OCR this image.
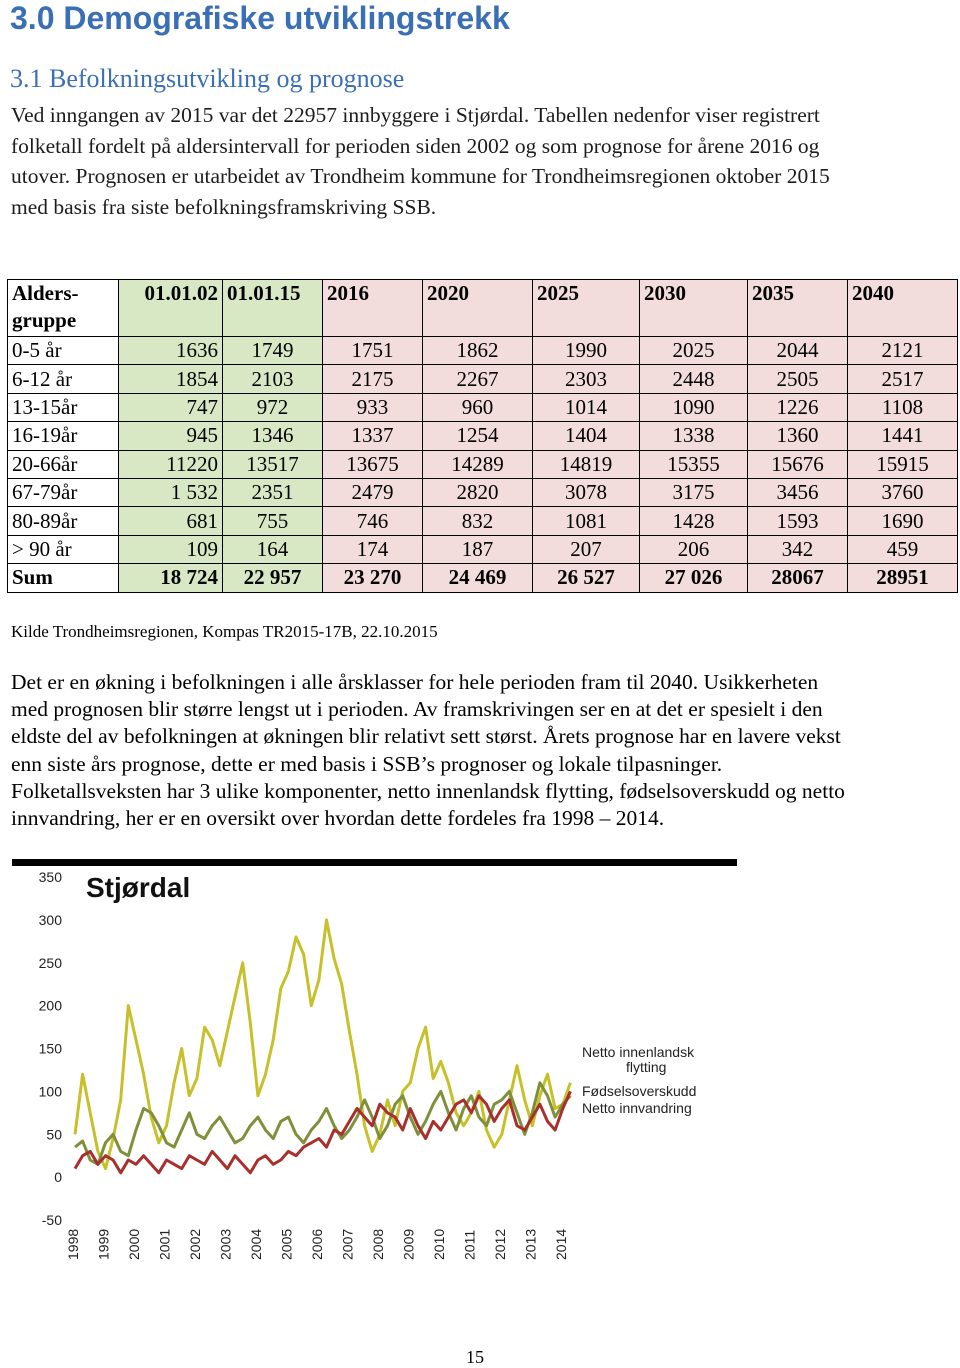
3.0 Demografiske utviklingstrekk
3.1 Befolkningsutvikling og prognose
Ved inngangen av 2015 var det 22957 innbyggere i Stjørdal. Tabellen nedenfor viser registrert
folketall fordelt på aldersintervall for perioden siden 2002 og som prognose for årene 2016 og
utover. Prognosen er utarbeidet av Trondheim kommune for Trondheimsregionen oktober 2015
med basis fra siste befolkningsframskriving SSB.
Alders-
gruppe	01.01.02	01.01.15	2016	2020	2025	2030	2035	2040
0-5 år	1636	1749	1751	1862	1990	2025	2044	2121
6-12 år	1854	2103	2175	2267	2303	2448	2505	2517
13-15år	747	972	933	960	1014	1090	1226	1108
16-19år	945	1346	1337	1254	1404	1338	1360	1441
20-66år	11220	13517	13675	14289	14819	15355	15676	15915
67-79år	1 532	2351	2479	2820	3078	3175	3456	3760
80-89år	681	755	746	832	1081	1428	1593	1690
> 90 år	109	164	174	187	207	206	342	459
Sum	18 724	22 957	23 270	24 469	26 527	27 026	28067	28951
Kilde Trondheimsregionen, Kompas TR2015-17B, 22.10.2015
Det er en økning i befolkningen i alle årsklasser for hele perioden fram til 2040. Usikkerheten
med prognosen blir større lengst ut i perioden. Av framskrivingen ser en at det er spesielt i den
eldste del av befolkningen at økningen blir relativt sett størst. Årets prognose har en lavere vekst
enn siste års prognose, dette er med basis i SSB’s prognoser og lokale tilpasninger.
Folketallsveksten har 3 ulike komponenter, netto innenlandsk flytting, fødselsoverskudd og netto
innvandring, her er en oversikt over hvordan dette fordeles fra 1998 – 2014.
Stjørdal
350
300
250
200
150
100
50
0
-50
1998 1999 2000 2001 2002 2003 2004 2005 2006 2007 2008 2009 2010 2011 2012 2013 2014
Netto innenlandsk
flytting
Fødselsoverskudd
Netto innvandring
15
